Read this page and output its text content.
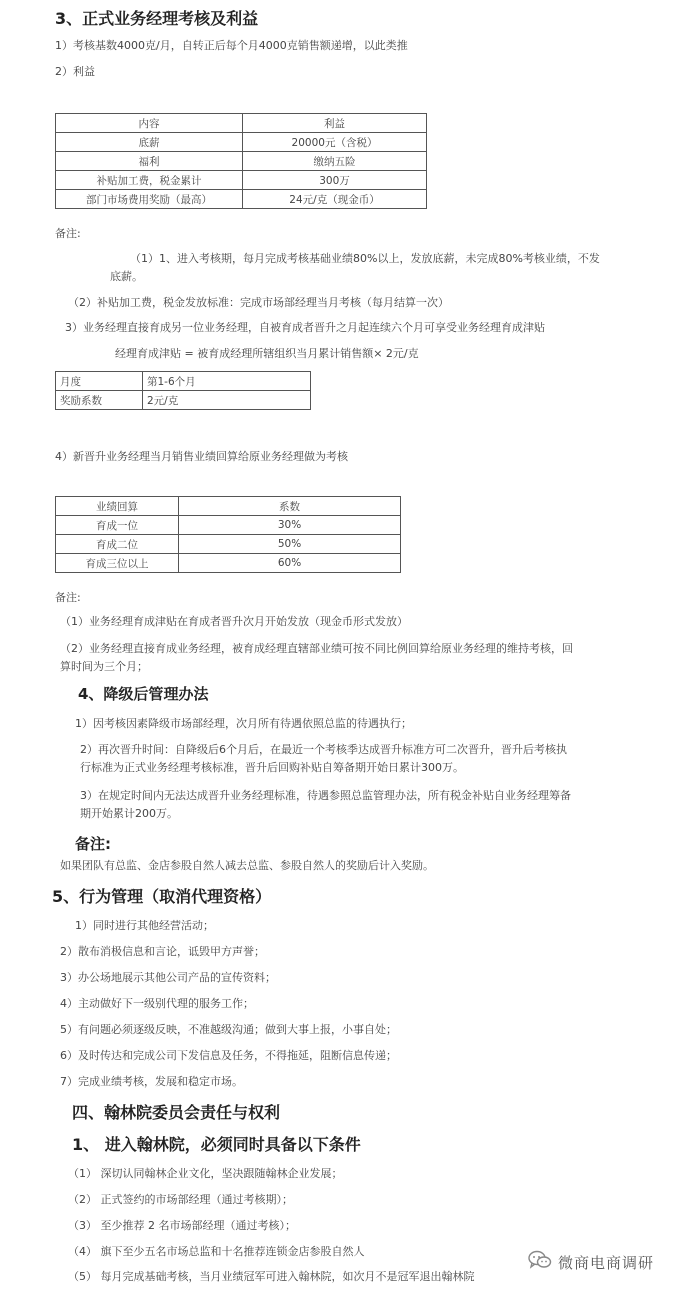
3、正式业务经理考核及利益
1）考核基数4000克/月，自转正后每个月4000克销售额递增，以此类推
2）利益
内容	利益
底薪	20000元（含税）
福利	缴纳五险
补贴加工费，税金累计	300万
部门市场费用奖励（最高）	24元/克（现金币）
备注:
（1）1、进入考核期，每月完成考核基础业绩80%以上，发放底薪，未完成80%考核业绩，不发
底薪。
（2）补贴加工费，税金发放标准：完成市场部经理当月考核（每月结算一次）
3）业务经理直接育成另一位业务经理，自被育成者晋升之月起连续六个月可享受业务经理育成津贴
经理育成津贴 = 被育成经理所辖组织当月累计销售额× 2元/克
月度	第1-6个月
奖励系数	2元/克
4）新晋升业务经理当月销售业绩回算给原业务经理做为考核
业绩回算	系数
育成一位	30%
育成二位	50%
育成三位以上	60%
备注:
（1）业务经理育成津贴在育成者晋升次月开始发放（现金币形式发放）
（2）业务经理直接育成业务经理，被育成经理直辖部业绩可按不同比例回算给原业务经理的维持考核，回
算时间为三个月；
4、降级后管理办法
1）因考核因素降级市场部经理，次月所有待遇依照总监的待遇执行；
2）再次晋升时间：自降级后6个月后，在最近一个考核季达成晋升标准方可二次晋升，晋升后考核执
行标准为正式业务经理考核标准，晋升后回购补贴自筹备期开始日累计300万。
3）在规定时间内无法达成晋升业务经理标准，待遇参照总监管理办法，所有税金补贴自业务经理筹备
期开始累计200万。
备注:
如果团队有总监、金店参股自然人减去总监、参股自然人的奖励后计入奖励。
5、行为管理（取消代理资格）
1）同时进行其他经营活动；
2）散布消极信息和言论，诋毁甲方声誉；
3）办公场地展示其他公司产品的宣传资料；
4）主动做好下一级别代理的服务工作；
5）有问题必须逐级反映，不准越级沟通；做到大事上报，小事自处；
6）及时传达和完成公司下发信息及任务，不得拖延，阻断信息传递；
7）完成业绩考核，发展和稳定市场。
四、翰林院委员会责任与权利
1、 进入翰林院，必须同时具备以下条件
（1） 深切认同翰林企业文化，坚决跟随翰林企业发展；
（2） 正式签约的市场部经理（通过考核期）；
（3） 至少推荐 2 名市场部经理（通过考核）；
（4） 旗下至少五名市场总监和十名推荐连锁金店参股自然人
（5） 每月完成基础考核，当月业绩冠军可进入翰林院，如次月不是冠军退出翰林院
微商电商调研
